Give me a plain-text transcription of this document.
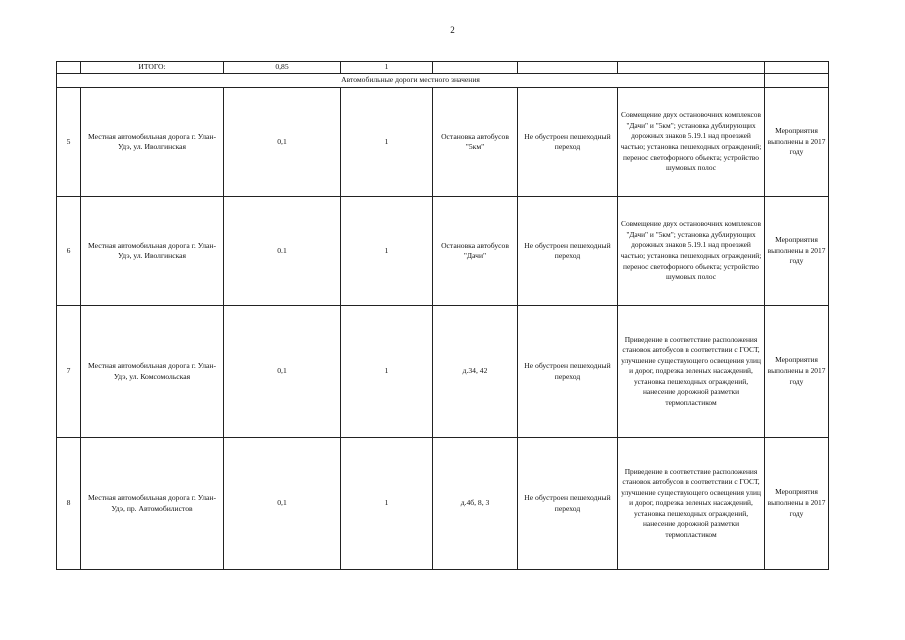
2
	ИТОГО:	0,85	1				
Автомобильные дороги местного значения							
5	Местная автомобильная дорога г. Улан-Удэ, ул. Иволгинская	0,1	1	Остановка автобусов "5км"	Не обустроен пешеходный переход	Совмещение двух остановочних комплексов "Дачи" и "5км"; установка дублирующих дорожных знаков 5.19.1 над проезжей частью; установка пешеходных ограждений; перенос светофорного объекта; устройство шумовых полос	Мероприятия выполнены в 2017 году
6	Местная автомобильная дорога г. Улан-Удэ, ул. Иволгинская	0.1	1	Остановка автобусов "Дачи"	Не обустроен пешеходный переход	Совмещение двух остановочних комплексов "Дачи" и "5км"; установка дублирующих дорожных знаков 5.19.1 над проезжей частью; установка пешеходных ограждений; перенос светофорного объекта; устройство шумовых полос	Мероприятия выполнены в 2017 году
7	Местная автомобильная дорога г. Улан-Удэ, ул. Комсомольская	0,1	1	д.34, 42	Не обустроен пешеходный переход	Приведение в соответствие расположения становок автобусов в соответствии с ГОСТ, улучшение существующего освещения улиц и дорог, подрезка зеленых насаждений, установка пешеходных ограждений, нанесение дорожной разметки термопластиком	Мероприятия выполнены в 2017 году
8	Местная автомобильная дорога г. Улан-Удэ, пр. Автомобилистов	0,1	1	д.4б, 8, 3	Не обустроен пешеходный переход	Приведение в соответствие расположения становок автобусов в соответствии с ГОСТ, улучшение существующего освещения улиц и дорог, подрезка зеленых насаждений, установка пешеходных ограждений, нанесение дорожной разметки термопластиком	Мероприятия выполнены в 2017 году
